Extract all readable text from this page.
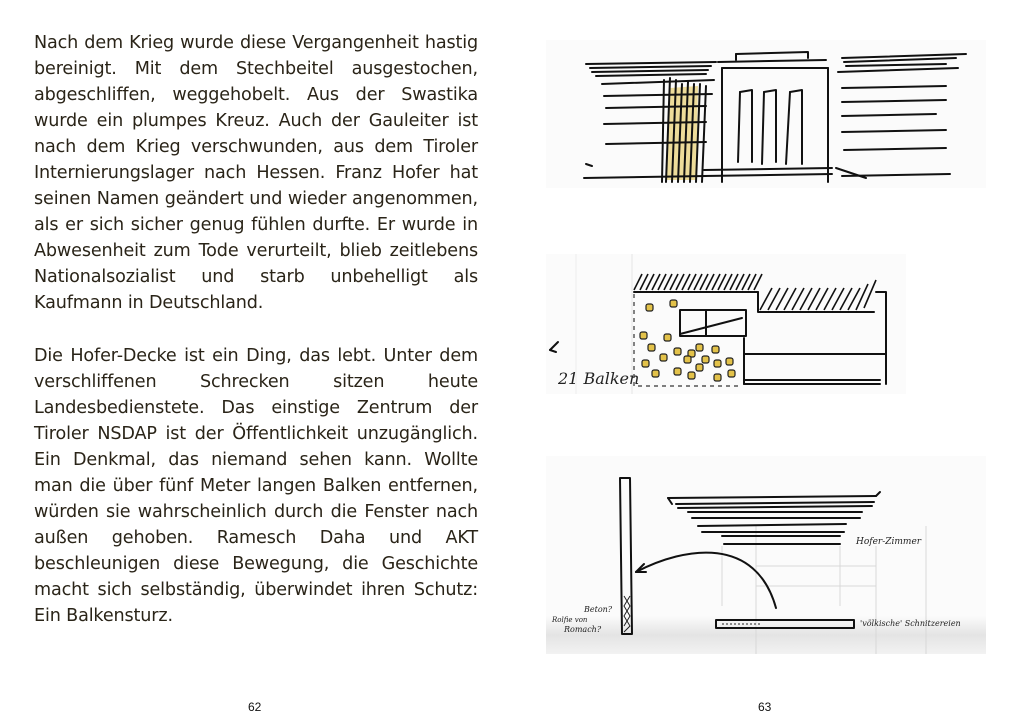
Nach dem Krieg wurde diese Vergangenheit hastig bereinigt. Mit dem Stechbeitel ausgestochen, abgeschliffen, weggehobelt. Aus der Swastika wurde ein plumpes Kreuz. Auch der Gauleiter ist nach dem Krieg verschwunden, aus dem Tiroler Internierungslager nach Hessen. Franz Hofer hat seinen Namen geändert und wieder angenommen, als er sich sicher genug fühlen durfte. Er wurde in Abwesenheit zum Tode verurteilt, blieb zeitlebens Nationalsozialist und starb unbehelligt als Kaufmann in Deutschland.

Die Hofer-Decke ist ein Ding, das lebt. Unter dem verschliffenen Schrecken sitzen heute Landesbedienstete. Das einstige Zentrum der Tiroler NSDAP ist der Öffentlichkeit unzugänglich. Ein Denkmal, das niemand sehen kann. Wollte man die über fünf Meter langen Balken entfernen, würden sie wahrscheinlich durch die Fenster nach außen gehoben. Ramesch Daha und AKT beschleunigen diese Bewegung, die Geschichte macht sich selbständig, überwindet ihren Schutz: Ein Balkensturz.

62
21 Balken
Hofer-Zimmer
'völkische' Schnitzereien
Beton?
Rolfie von
Romach?
63
